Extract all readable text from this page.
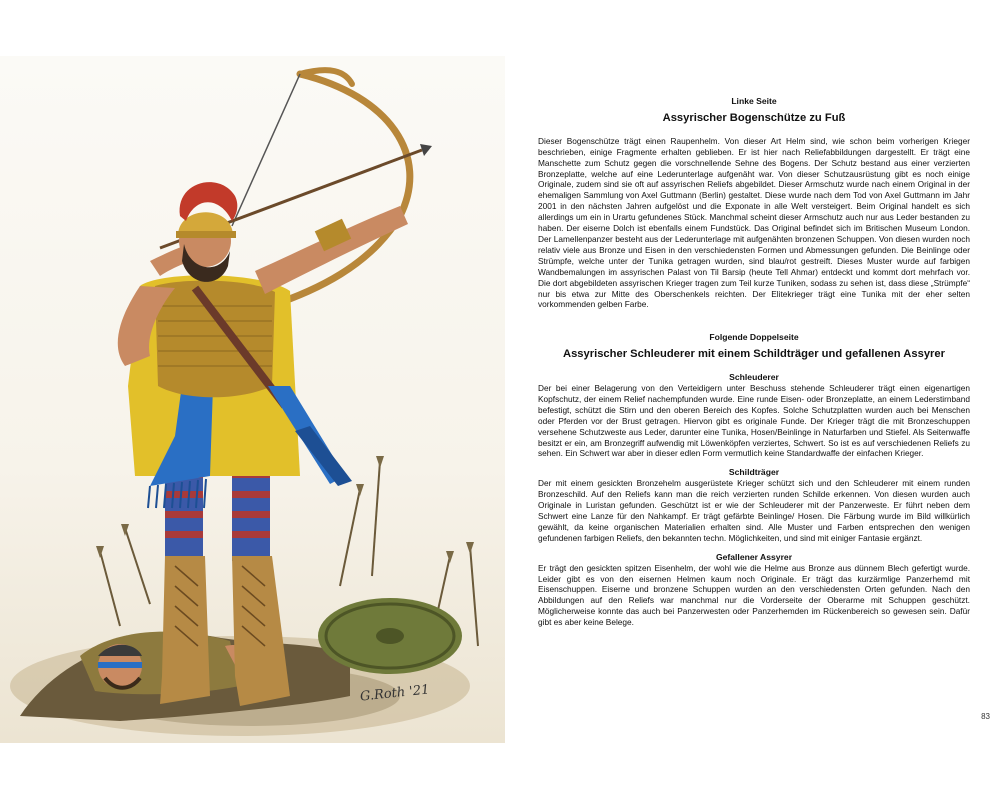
G.Roth '21
Linke Seite
Assyrischer Bogenschütze zu Fuß

Dieser Bogenschütze trägt einen Raupenhelm. Von dieser Art Helm sind, wie schon beim vorherigen Krieger beschrieben, einige Fragmente erhalten geblieben. Er ist hier nach Reliefabbildungen dargestellt. Er trägt eine Manschette zum Schutz gegen die vorschnellende Sehne des Bogens. Der Schutz bestand aus einer verzierten Bronzeplatte, welche auf eine Lederunterlage aufgenäht war. Von dieser Schutzausrüstung gibt es noch einige Originale, zudem sind sie oft auf assyrischen Reliefs abgebildet. Dieser Armschutz wurde nach einem Original in der ehemaligen Sammlung von Axel Guttmann (Berlin) gestaltet. Diese wurde nach dem Tod von Axel Guttmann im Jahr 2001 in den nächsten Jahren aufgelöst und die Exponate in alle Welt versteigert. Beim Original handelt es sich allerdings um ein in Urartu gefundenes Stück. Manchmal scheint dieser Armschutz auch nur aus Leder bestanden zu haben. Der eiserne Dolch ist ebenfalls einem Fundstück. Das Original befindet sich im Britischen Museum London. Der Lamellenpanzer besteht aus der Lederunterlage mit aufgenähten bronzenen Schuppen. Von diesen wurden noch relativ viele aus Bronze und Eisen in den verschiedensten Formen und Abmessungen gefunden. Die Beinlinge oder Strümpfe, welche unter der Tunika getragen wurden, sind blau/rot gestreift. Dieses Muster wurde auf farbigen Wandbemalungen im assyrischen Palast von Til Barsip (heute Tell Ahmar) entdeckt und kommt dort mehrfach vor. Die dort abgebildeten assyrischen Krieger tragen zum Teil kurze Tuniken, sodass zu sehen ist, dass diese „Strümpfe“ nur bis etwa zur Mitte des Oberschenkels reichten. Der Elitekrieger trägt eine Tunika mit der eher selten vorkommenden gelben Farbe.

Folgende Doppelseite
Assyrischer Schleuderer mit einem Schildträger und gefallenen Assyrer
Schleuderer

Der bei einer Belagerung von den Verteidigern unter Beschuss stehende Schleuderer trägt einen eigenartigen Kopfschutz, der einem Relief nachempfunden wurde. Eine runde Eisen- oder Bronzeplatte, an einem Lederstirnband befestigt, schützt die Stirn und den oberen Bereich des Kopfes. Solche Schutzplatten wurden auch bei Menschen oder Pferden vor der Brust getragen. Hiervon gibt es originale Funde. Der Krieger trägt die mit Bronzeschuppen versehene Schutzweste aus Leder, darunter eine Tunika, Hosen/Beinlinge in Naturfarben und Stiefel. Als Seitenwaffe besitzt er ein, am Bronzegriff aufwendig mit Löwenköpfen verziertes, Schwert. So ist es auf verschiedenen Reliefs zu sehen. Ein Schwert war aber in dieser edlen Form vermutlich keine Standardwaffe der einfachen Krieger.

Schildträger

Der mit einem gesickten Bronzehelm ausgerüstete Krieger schützt sich und den Schleuderer mit einem runden Bronzeschild. Auf den Reliefs kann man die reich verzierten runden Schilde erkennen. Von diesen wurden auch Originale in Luristan gefunden. Geschützt ist er wie der Schleuderer mit der Panzerweste. Er führt neben dem Schwert eine Lanze für den Nahkampf. Er trägt gefärbte Beinlinge/ Hosen. Die Färbung wurde im Bild willkürlich gewählt, da keine organischen Materialien erhalten sind. Alle Muster und Farben entsprechen den wenigen gefundenen farbigen Reliefs, den bekannten techn. Möglichkeiten, und sind mit einiger Fantasie ergänzt.

Gefallener Assyrer

Er trägt den gesickten spitzen Eisenhelm, der wohl wie die Helme aus Bronze aus dünnem Blech gefertigt wurde. Leider gibt es von den eisernen Helmen kaum noch Originale. Er trägt das kurzärmlige Panzerhemd mit Eisenschuppen. Eiserne und bronzene Schuppen wurden an den verschiedensten Orten gefunden. Nach den Abbildungen auf den Reliefs war manchmal nur die Vorderseite der Oberarme mit Schuppen geschützt. Möglicherweise konnte das auch bei Panzerwesten oder Panzerhemden im Rückenbereich so gewesen sein. Dafür gibt es aber keine Belege.

83
